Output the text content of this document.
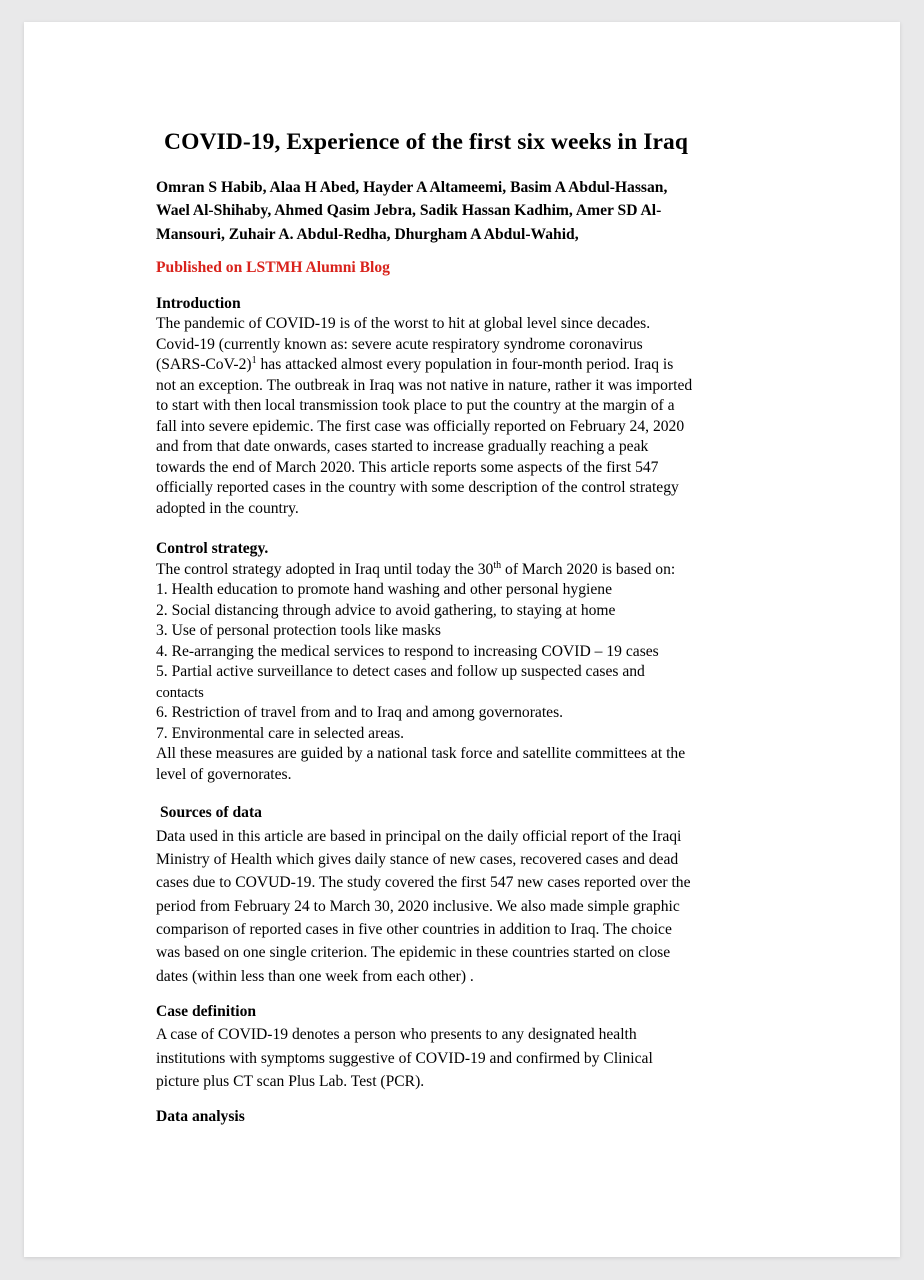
COVID-19, Experience of the first six weeks in Iraq
Omran S Habib, Alaa H Abed, Hayder A Altameemi, Basim A Abdul-Hassan,
Wael Al-Shihaby, Ahmed Qasim Jebra, Sadik Hassan Kadhim, Amer SD Al-
Mansouri, Zuhair A. Abdul-Redha, Dhurgham A Abdul-Wahid,
Published on LSTMH Alumni Blog
Introduction
The pandemic of COVID-19 is of the worst to hit at global level since decades.
Covid-19 (currently known as: severe acute respiratory syndrome coronavirus
(SARS-CoV-2)$^1$ has attacked almost every population in four-month period. Iraq is
not an exception. The outbreak in Iraq was not native in nature, rather it was imported
to start with then local transmission took place to put the country at the margin of a
fall into severe epidemic. The first case was officially reported on February 24, 2020
and from that date onwards, cases started to increase gradually reaching a peak
towards the end of March 2020. This article reports some aspects of the first 547
officially reported cases in the country with some description of the control strategy
adopted in the country.
Control strategy.
The control strategy adopted in Iraq until today the 30th of March 2020 is based on:
1. Health education to promote hand washing and other personal hygiene
2. Social distancing through advice to avoid gathering, to staying at home
3. Use of personal protection tools like masks
4. Re-arranging the medical services to respond to increasing COVID – 19 cases
5. Partial active surveillance to detect cases and follow up suspected cases and
contacts
6. Restriction of travel from and to Iraq and among governorates.
7. Environmental care in selected areas.
All these measures are guided by a national task force and satellite committees at the
level of governorates.
Sources of data
Data used in this article are based in principal on the daily official report of the Iraqi
Ministry of Health which gives daily stance of new cases, recovered cases and dead
cases due to COVUD-19. The study covered the first 547 new cases reported over the
period from February 24 to March 30, 2020 inclusive. We also made simple graphic
comparison of reported cases in five other countries in addition to Iraq. The choice
was based on one single criterion. The epidemic in these countries started on close
dates (within less than one week from each other) .
Case definition
A case of COVID-19 denotes a person who presents to any designated health
institutions with symptoms suggestive of COVID-19 and confirmed by Clinical
picture plus CT scan Plus Lab. Test (PCR).
Data analysis
